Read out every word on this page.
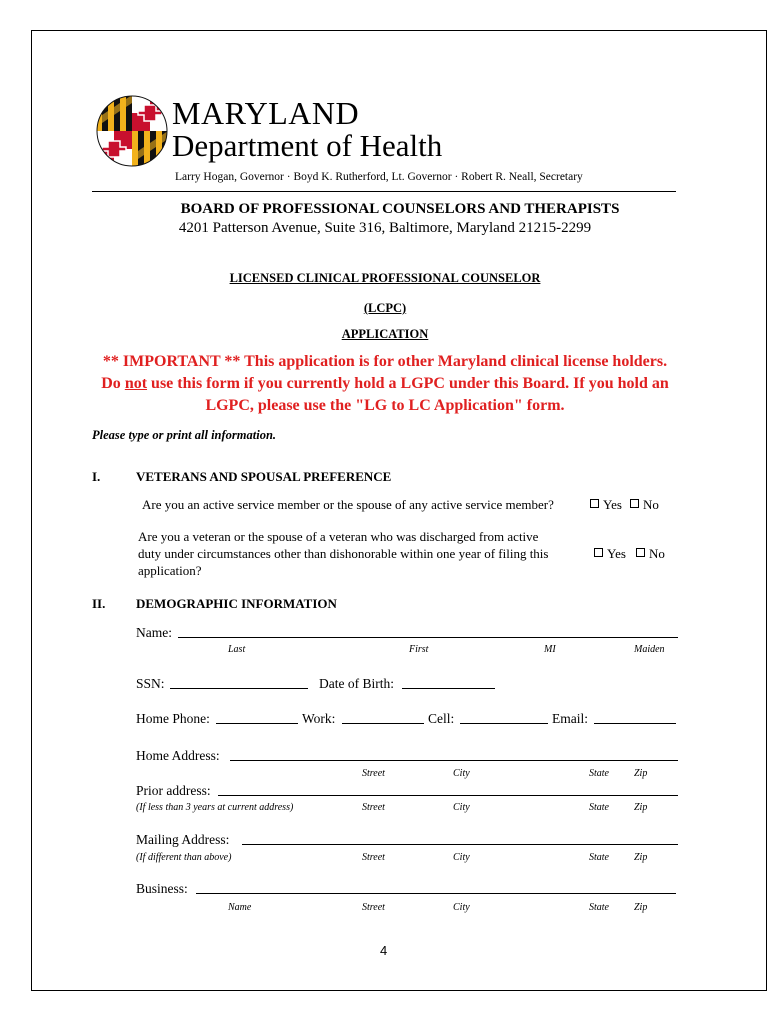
MARYLAND
Department of Health
Larry Hogan, Governor · Boyd K. Rutherford, Lt. Governor · Robert R. Neall, Secretary
BOARD OF PROFESSIONAL COUNSELORS AND THERAPISTS
4201 Patterson Avenue, Suite 316, Baltimore, Maryland 21215-2299
LICENSED CLINICAL PROFESSIONAL COUNSELOR
(LCPC)
APPLICATION
** IMPORTANT ** This application is for other Maryland clinical license holders.
Do not use this form if you currently hold a LGPC under this Board. If you hold an
LGPC, please use the "LG to LC Application" form.
Please type or print all information.
I.	VETERANS AND SPOUSAL PREFERENCE
Are you an active service member or the spouse of any active service member?	Yes	No
Are you a veteran or the spouse of a veteran who was discharged from active
duty under circumstances other than dishonorable within one year of filing this
application?
Yes	No
II. DEMOGRAPHIC INFORMATION
Name:
Last	First	MI	Maiden
SSN:	Date of Birth:
Home Phone:	Work:	Cell:	Email:
Home Address:
Street	City	State	Zip
Prior address:
(If less than 3 years at current address)	Street	City	State	Zip
Mailing Address:
(If different than above)	Street	City	State	Zip
Business:
Name	Street	City	State	Zip
4
